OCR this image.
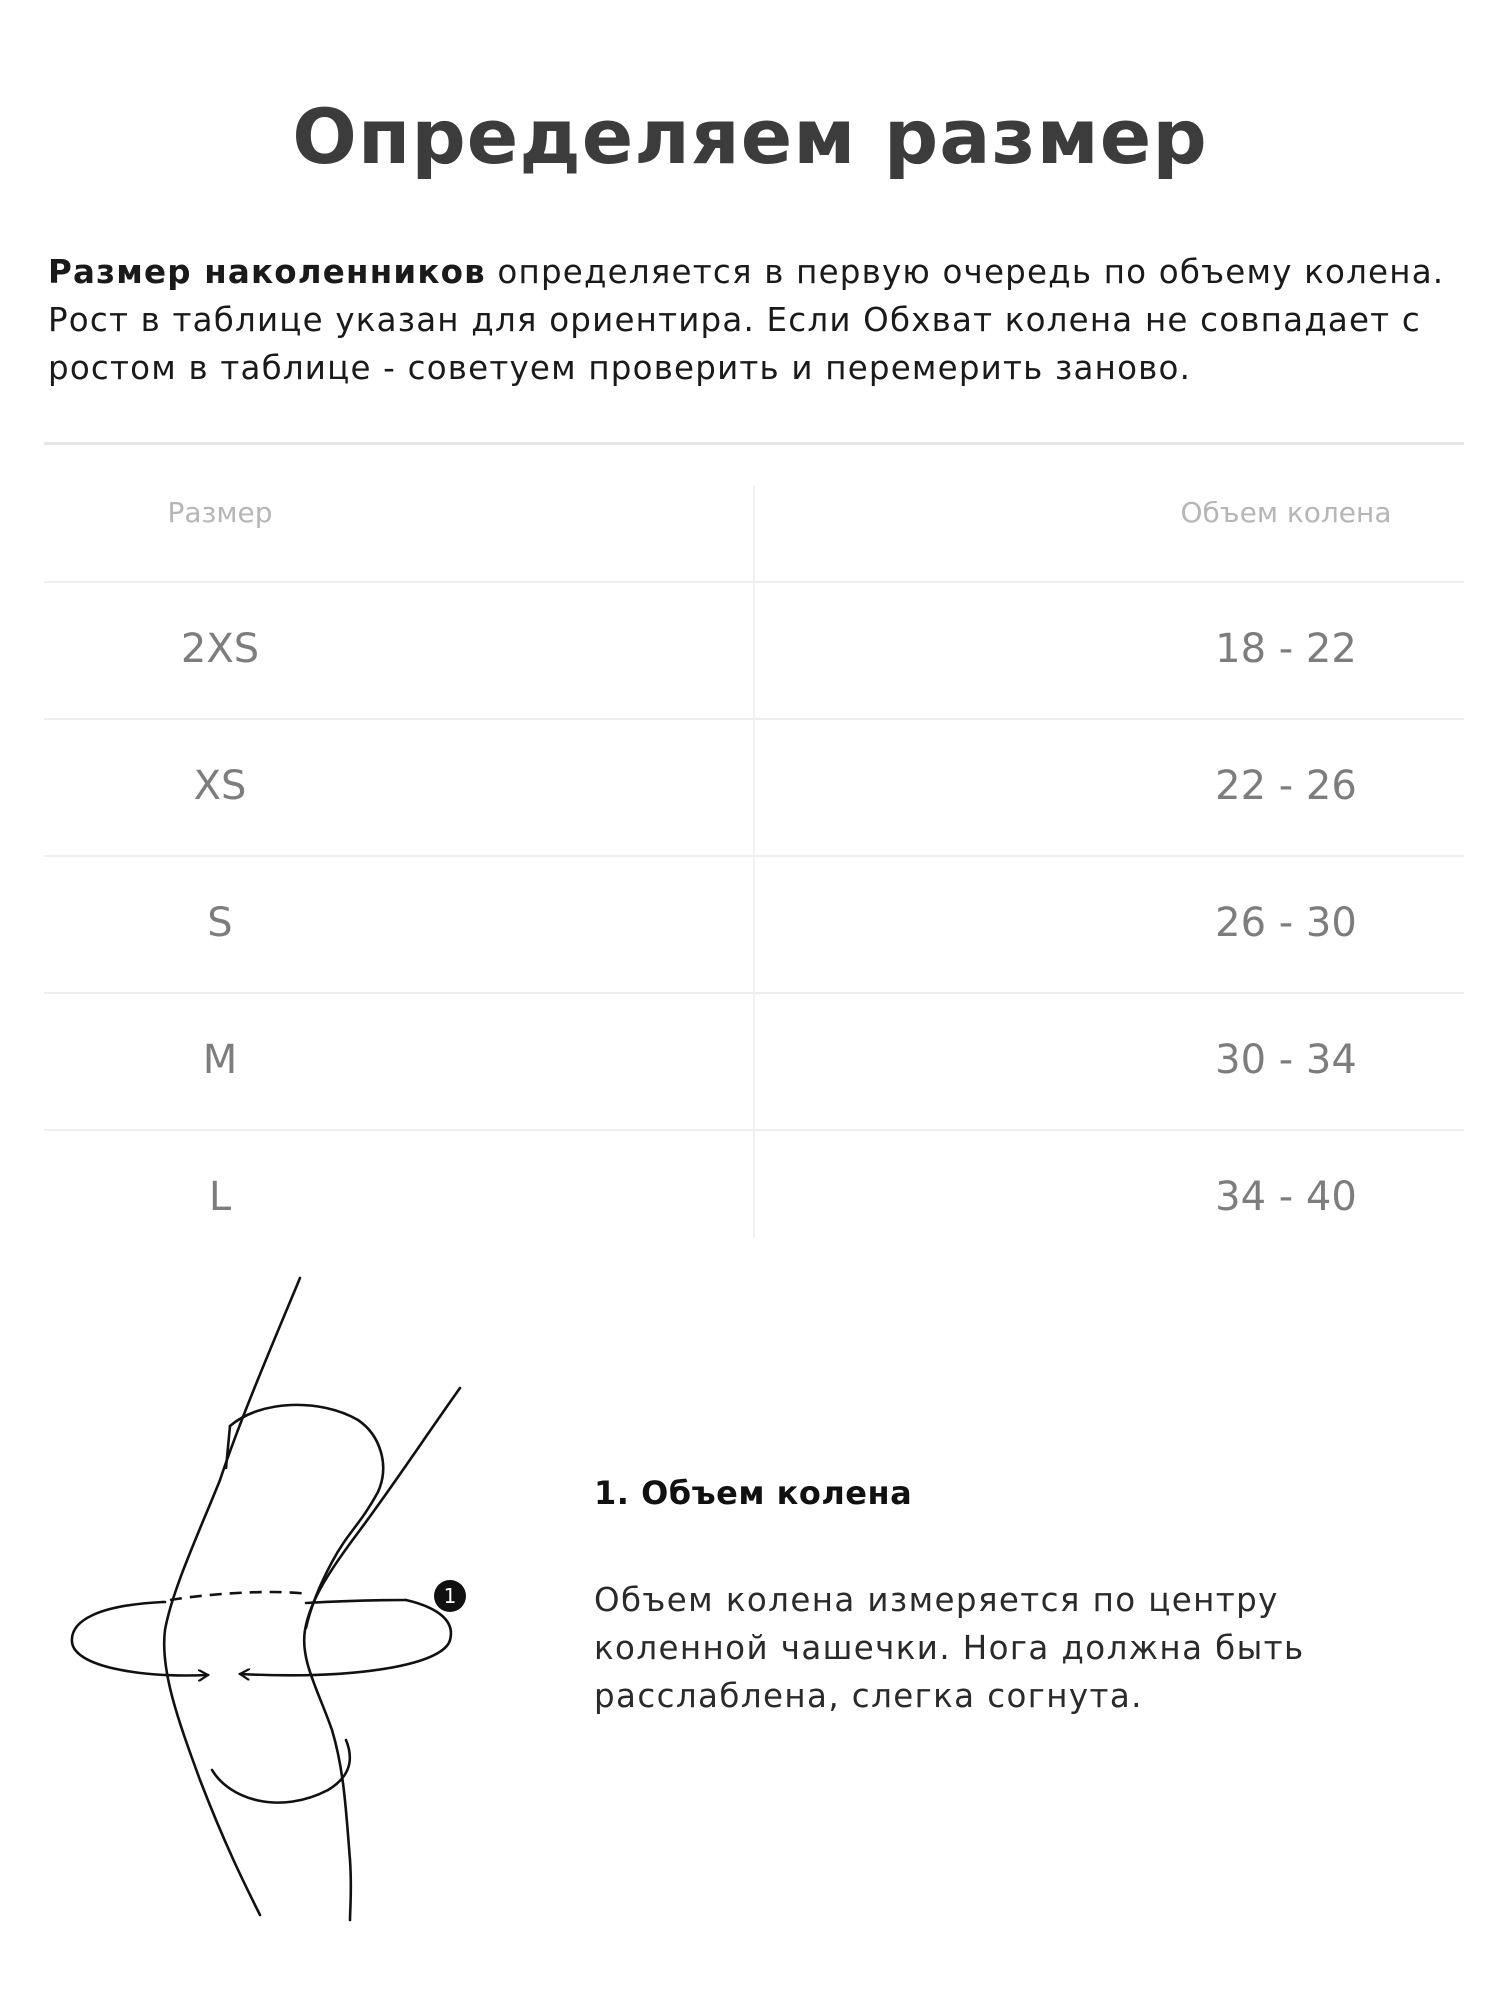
Определяем размер

Размер наколенников определяется в первую очередь по объему колена. Рост в таблице указан для ориентира. Если Обхват колена не совпадает с ростом в таблице - советуем проверить и перемерить заново.

Размер	Объем колена
2XS	18 - 22
XS	22 - 26
S	26 - 30
M	30 - 34
L	34 - 40
1
1. Объем колена

Объем колена измеряется по центру коленной чашечки. Нога должна быть расслаблена, слегка согнута.
